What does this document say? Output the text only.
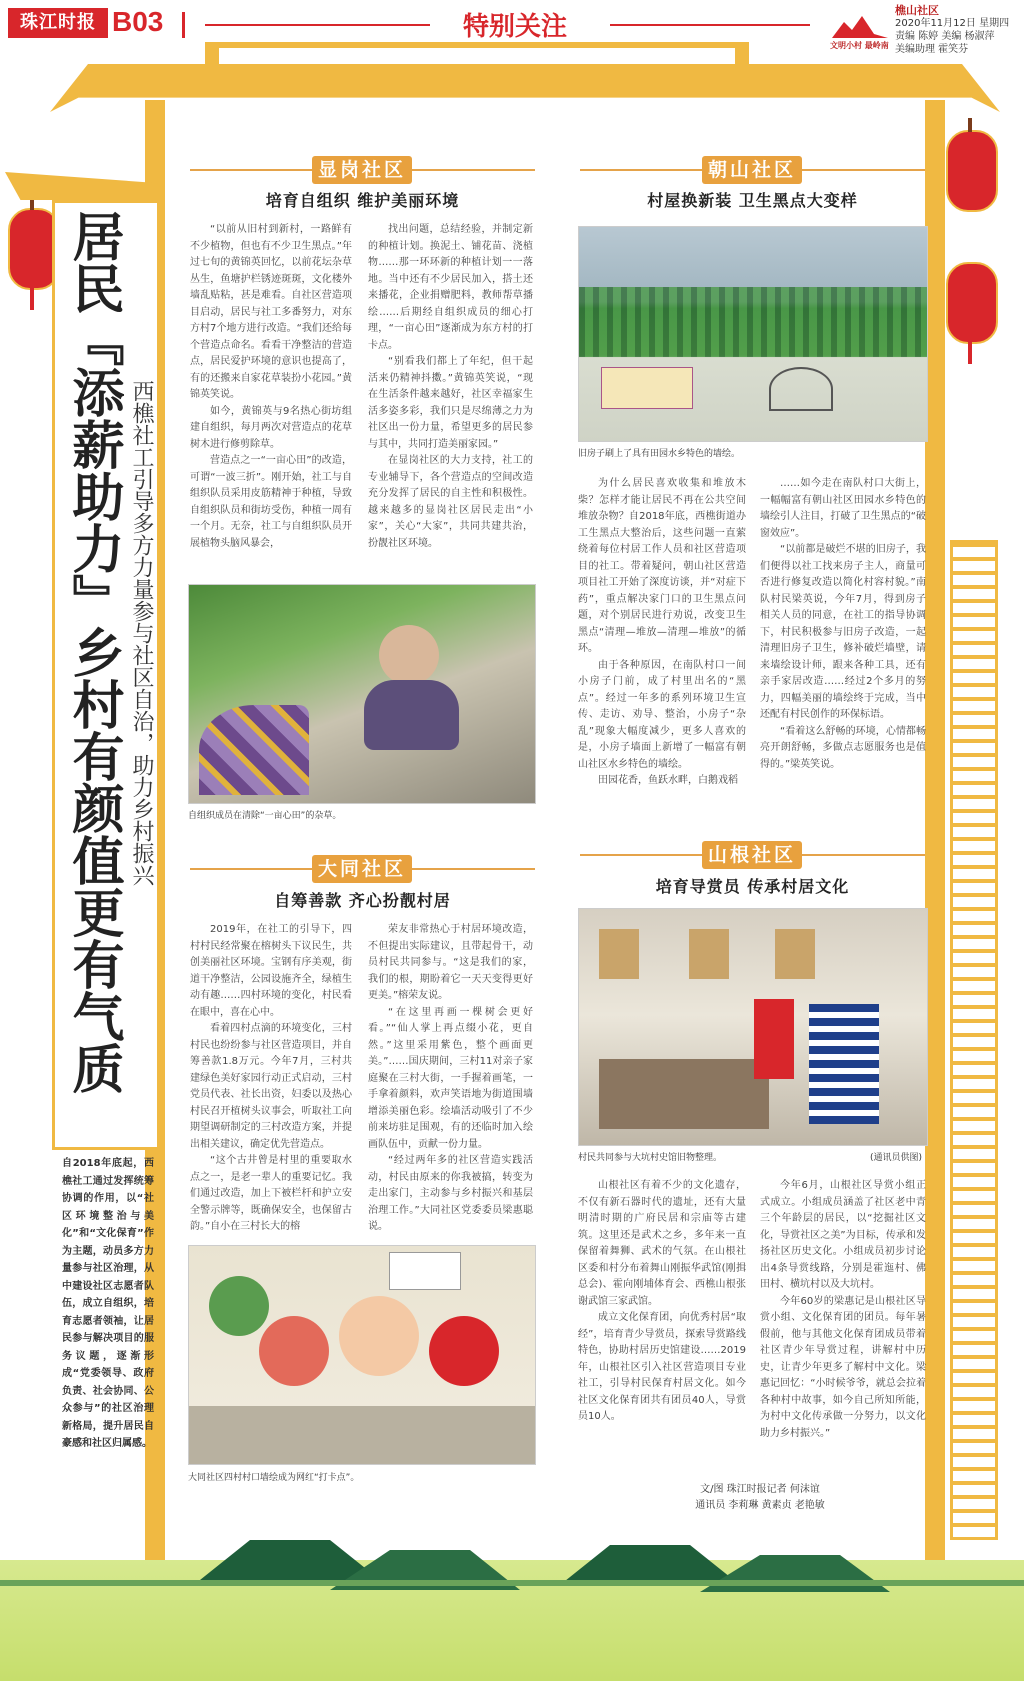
珠江时报 B03	特别关注
文明小村 最岭南
樵山社区
2020年11月12日 星期四
责编 陈婷 美编 杨淑萍
美编助理 霍笑芬
居民『添薪助力』乡村有颜值更有气质 西樵社工引导多方力量参与社区自治，助力乡村振兴
自2018年底起，西樵社工通过发挥统筹协调的作用，以“社区环境整治与美化”和“文化保育”作为主题，动员多方力量参与社区治理，从中建设社区志愿者队伍，成立自组织，培育志愿者领袖，让居民参与解决项目的服务议题，逐渐形成“党委领导、政府负责、社会协同、公众参与”的社区治理新格局，提升居民自豪感和社区归属感。
显岗社区
培育自组织 维护美丽环境

“以前从旧村到新村，一路鲜有不少植物，但也有不少卫生黑点。”年过七旬的黄锦英回忆，以前花坛杂草丛生，鱼塘护栏锈迹斑斑，文化楼外墙乱贴粘，甚是难看。自社区营造项目启动，居民与社工多番努力，对东方村7个地方进行改造。“我们还给每个营造点命名。看看干净整洁的营造点，居民爱护环境的意识也提高了，有的还搬来自家花草装扮小花园。”黄锦英笑说。

如今，黄锦英与9名热心街坊组建自组织，每月两次对营造点的花草树木进行修剪除草。

营造点之一“一亩心田”的改造，可谓“一波三折”。刚开始，社工与自组织队员采用皮筋精神于种植，导致自组织队员和街坊受伤，种植一周有一个月。无奈，社工与自组织队员开展植物头脑风暴会，

找出问题，总结经验，并制定新的种植计划。换泥土、铺花苗、浇植物……那一环环新的种植计划一一落地。当中还有不少居民加入，搭土还来播花，企业捐赠肥料，教师帮草播绘……后期经自组织成员的细心打理，“一亩心田”逐渐成为东方村的打卡点。

“别看我们都上了年纪，但干起活来仍精神抖擞。”黄锦英笑说，“现在生活条件越来越好，社区幸福家生活多姿多彩，我们只是尽绵薄之力为社区出一份力量，希望更多的居民参与其中，共同打造美丽家园。”

在显岗社区的大力支持，社工的专业辅导下，各个营造点的空间改造充分发挥了居民的自主性和积极性。越来越多的显岗社区居民走出“小家”，关心“大家”，共同共建共治，扮靓社区环境。

自组织成员在清除“一亩心田”的杂草。
朝山社区
村屋换新装 卫生黑点大变样
旧房子刷上了具有田园水乡特色的墙绘。

为什么居民喜欢收集和堆放木柴？怎样才能让居民不再在公共空间堆放杂物？自2018年底，西樵街道办工生黑点大整治后，这些问题一直萦绕着每位村居工作人员和社区营造项目的社工。带着疑问，朝山社区营造项目社工开始了深度访谈，并“对症下药”，重点解决家门口的卫生黑点问题，对个别居民进行劝说，改变卫生黑点“清理—堆放—清理—堆放”的循环。

由于各种原因，在南队村口一间小房子门前，成了村里出名的“黑点”。经过一年多的系列环境卫生宣传、走访、劝导、整治，小房子“杂乱”现象大幅度减少，更多人喜欢的是，小房子墙面上新增了一幅富有朝山社区水乡特色的墙绘。

田园花香，鱼跃水畔，白鹅戏稻

……如今走在南队村口大街上，一幅幅富有朝山社区田园水乡特色的墙绘引人注目，打破了卫生黑点的“破窗效应”。

“以前都是破烂不堪的旧房子，我们便得以社工找来房子主人，商量可否进行修复改造以简化村容村貌。”南队村民梁英说，今年7月，得到房子相关人员的同意，在社工的指导协调下，村民积极参与旧房子改造，一起清理旧房子卫生，修补破烂墙壁，请来墙绘设计师，跟来各种工具，还有亲手家居改造……经过2个多月的努力，四幅美丽的墙绘终于完成，当中还配有村民创作的环保标语。

“看着这么舒畅的环境，心情都畅亮开朗舒畅，多做点志愿服务也是值得的。”梁英笑说。

大同社区
自筹善款 齐心扮靓村居

2019年，在社工的引导下，四村村民经常聚在榕树头下议民生，共创美丽社区环境。宝钢有序美观，街道干净整洁，公园设施齐全，绿植生动有趣……四村环境的变化，村民看在眼中，喜在心中。

看着四村点滴的环境变化，三村村民也纷纷参与社区营造项目，并自筹善款1.8万元。今年7月，三村共建绿色美好家园行动正式启动，三村党员代表、社长出资，妇委以及热心村民召开植树头议事会，听取社工向期望调研制定的三村改造方案，并提出相关建议，确定优先营造点。

“这个古井曾是村里的重要取水点之一，是老一辈人的重要记忆。我们通过改造，加上下被栏杆和护立安全警示牌等，既确保安全，也保留古韵。”自小在三村长大的榕

荣友非常热心于村居环境改造，不但提出实际建议，且带起骨干，动员村民共同参与。“这是我们的家，我们的根，期盼着它一天天变得更好更美。”榕荣友说。

“在这里再画一棵树会更好看。”“仙人掌上再点缀小花，更自然。”这里采用紫色，整个画面更美。”……国庆期间，三村11对亲子家庭聚在三村大街，一手握着画笔，一手拿着颜料，欢声笑语地为街道围墙增添美丽色彩。绘墙活动吸引了不少前来坊驻足围观，有的还临时加入绘画队伍中，贡献一份力量。

“经过两年多的社区营造实践活动，村民由原来的你我被搞，转变为走出家门，主动参与乡村振兴和基层治理工作。”大同社区党委委员梁惠聪说。

大同社区四村村口墙绘成为网红“打卡点”。
山根社区
培育导赏员 传承村居文化
村民共同参与大坑村史馆旧物整理。	(通讯员供图)

山根社区有着不少的文化遗存，不仅有新石器时代的遗址，还有大量明清时期的广府民居和宗庙等古建筑。这里还是武术之乡，多年来一直保留着舞狮、武术的气氛。在山根社区委和村分布着舞山刚振华武馆(刚揖总会)、霍向刚埔体育会、西樵山根张谢武馆三家武馆。

成立文化保育团，向优秀村居“取经”，培育青少导赏员，探索导赏路线特色，协助村居历史馆建设……2019年，山根社区引入社区营造项目专业社工，引导村民保育村居文化。如今社区文化保育团共有团员40人，导赏员10人。

今年6月，山根社区导赏小组正式成立。小组成员涵盖了社区老中青三个年龄层的居民，以“挖掘社区文化，导赏社区之美”为目标，传承和发扬社区历史文化。小组成员初步讨论出4条导赏线路，分别是霍迤村、佛田村、横坑村以及大坑村。

今年60岁的梁惠记是山根社区导赏小组、文化保育团的团员。每年暑假前，他与其他文化保育团成员带着社区青少年导赏过程，讲解村中历史，让青少年更多了解村中文化。梁惠记回忆：“小时候爷爷，就总会拉着各种村中故事，如今自己所知所能，为村中文化传承做一分努力，以文化助力乡村振兴。”

文/图 珠江时报记者 何沫谊
通讯员 李莉琳 黄素贞 老艳敏
